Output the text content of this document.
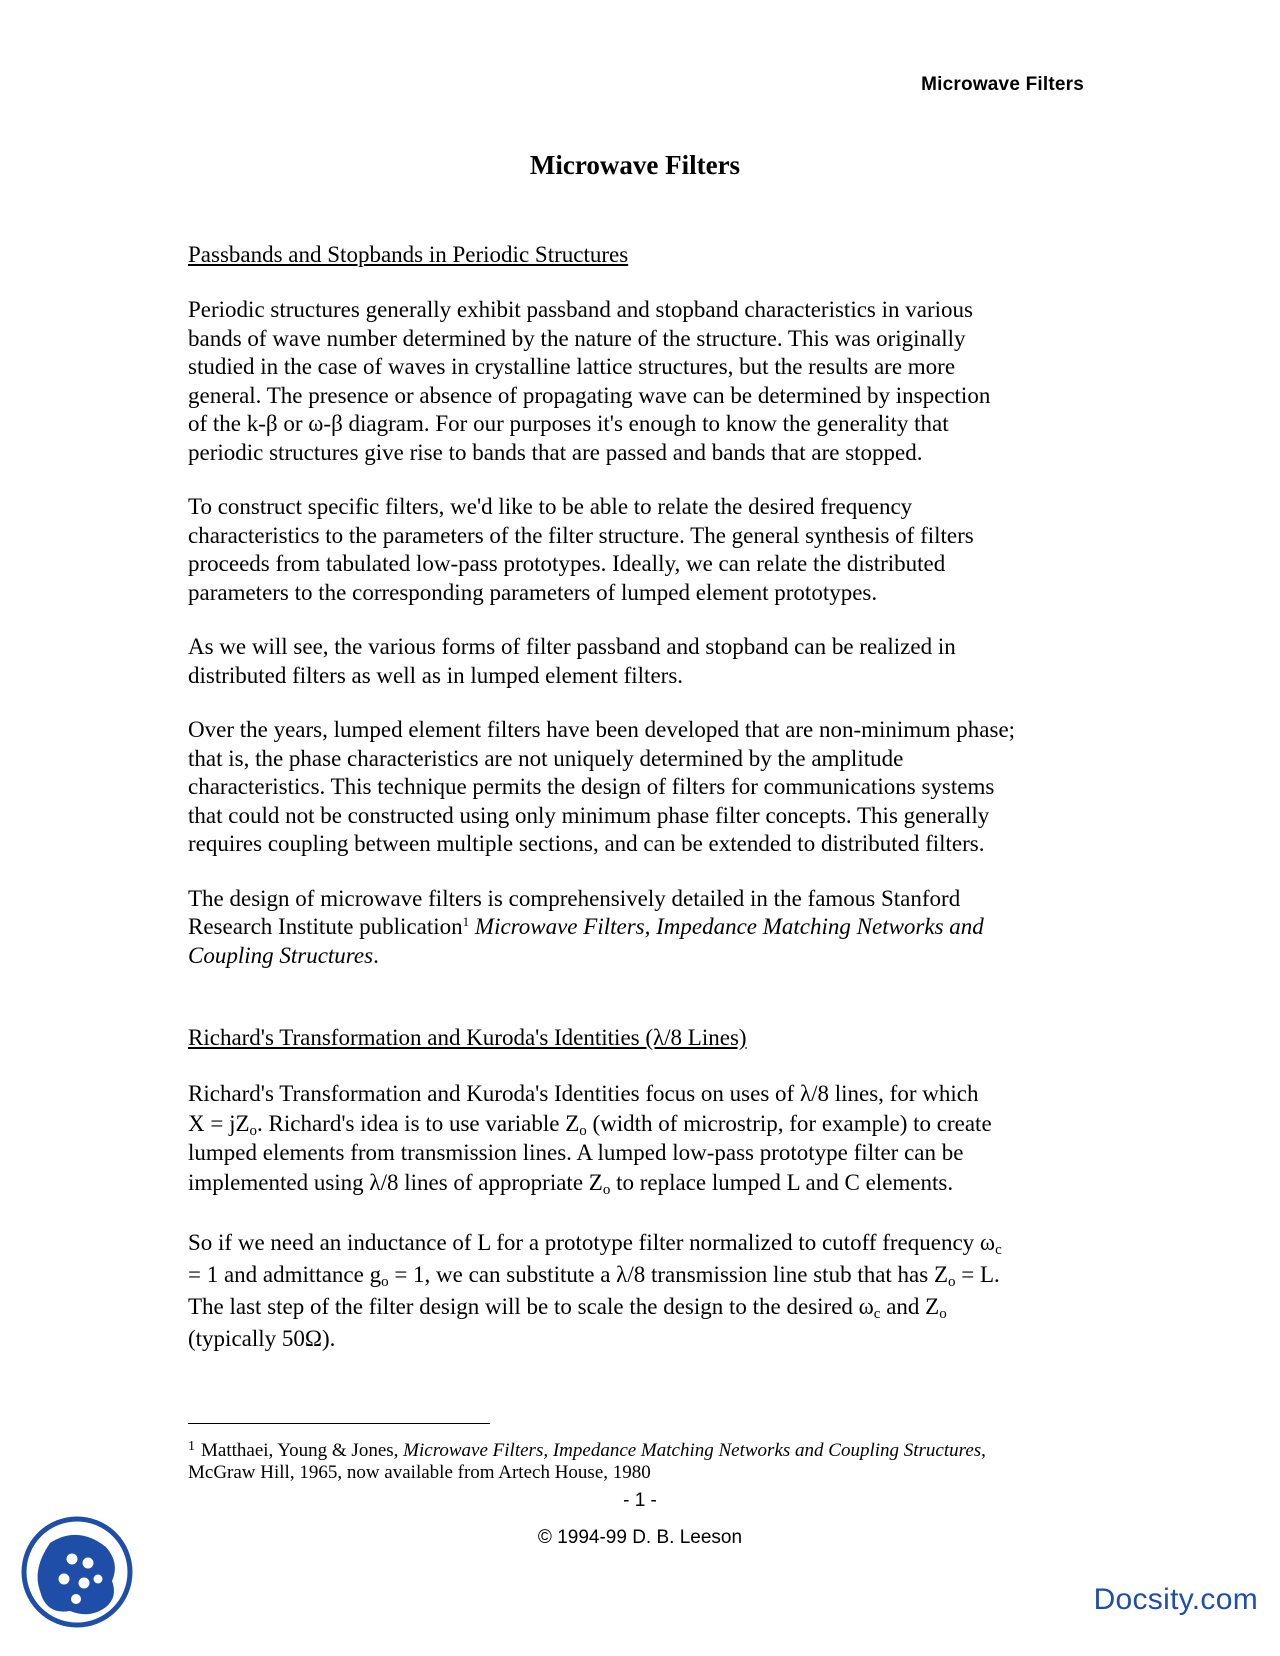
Microwave Filters
Microwave Filters
Passbands and Stopbands in Periodic Structures

Periodic structures generally exhibit passband and stopband characteristics in various
bands of wave number determined by the nature of the structure. This was originally
studied in the case of waves in crystalline lattice structures, but the results are more
general. The presence or absence of propagating wave can be determined by inspection
of the k-β or ω-β diagram. For our purposes it's enough to know the generality that
periodic structures give rise to bands that are passed and bands that are stopped.

To construct specific filters, we'd like to be able to relate the desired frequency
characteristics to the parameters of the filter structure. The general synthesis of filters
proceeds from tabulated low-pass prototypes. Ideally, we can relate the distributed
parameters to the corresponding parameters of lumped element prototypes.

As we will see, the various forms of filter passband and stopband can be realized in
distributed filters as well as in lumped element filters.

Over the years, lumped element filters have been developed that are non-minimum phase;
that is, the phase characteristics are not uniquely determined by the amplitude
characteristics. This technique permits the design of filters for communications systems
that could not be constructed using only minimum phase filter concepts. This generally
requires coupling between multiple sections, and can be extended to distributed filters.

The design of microwave filters is comprehensively detailed in the famous Stanford
Research Institute publication$^1$ Microwave Filters, Impedance Matching Networks and
Coupling Structures.

Richard's Transformation and Kuroda's Identities (λ/8 Lines)

Richard's Transformation and Kuroda's Identities focus on uses of λ/8 lines, for which
$X = jZ_o$. Richard's idea is to use variable $Z_o$ (width of microstrip, for example) to create
lumped elements from transmission lines. A lumped low-pass prototype filter can be
implemented using λ/8 lines of appropriate $Z_o$ to replace lumped L and C elements.

So if we need an inductance of L for a prototype filter normalized to cutoff frequency $\omega_c$
= 1 and admittance $g_o = 1$, we can substitute a λ/8 transmission line stub that has $Z_o = L$.
The last step of the filter design will be to scale the design to the desired $\omega_c$ and $Z_o$
(typically 50Ω).

$^1$ Matthaei, Young & Jones, Microwave Filters, Impedance Matching Networks and Coupling Structures,
McGraw Hill, 1965, now available from Artech House, 1980
- 1 -
© 1994-99 D. B. Leeson
Docsity.com
